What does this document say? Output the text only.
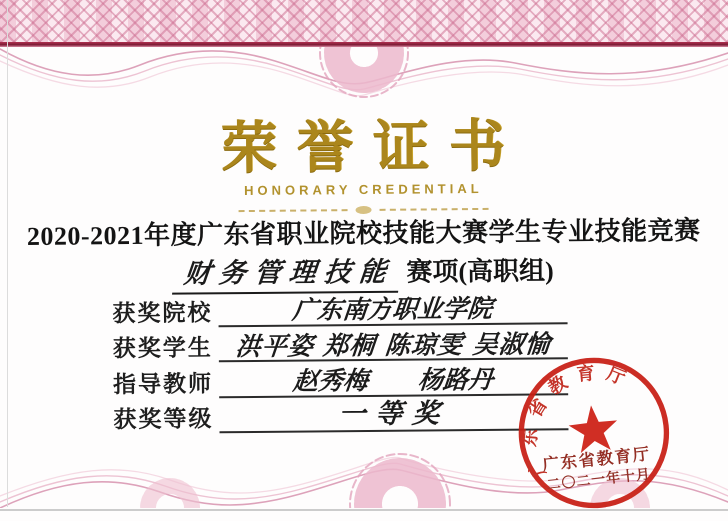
荣誉证书
HONORARY CREDENTIAL
2020-2021年度广东省职业院校技能大赛学生专业技能竞赛
财务管理技能 赛项(高职组)
获奖院校	广东南方职业学院
获奖学生 洪平姿 郑桐 陈琼雯 吴淑愉
指导教师	赵秀梅　　杨路丹
获奖等级	一等奖
广东省教育厅
广东省教育厅
二〇二一年十月
